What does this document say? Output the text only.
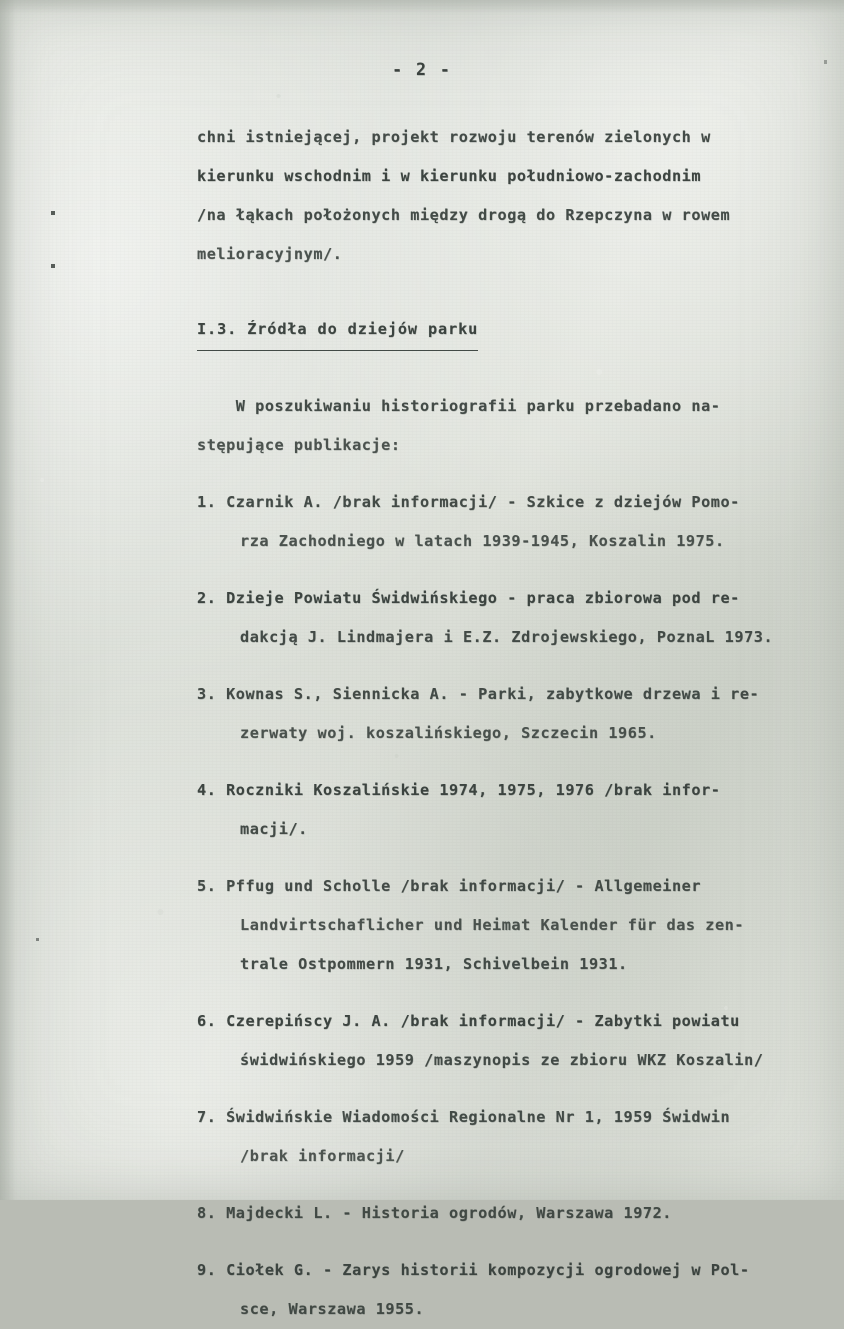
- 2 -
chni istniejącej, projekt rozwoju terenów zielonych w
kierunku wschodnim i w kierunku południowo-zachodnim
/na łąkach położonych między drogą do Rzepczyna w rowem
melioracyjnym/.
I.3. Źródła do dziejów parku
W poszukiwaniu historiografii parku przebadano na-
stępujące publikacje:
1. Czarnik A. /brak informacji/ - Szkice z dziejów Pomo-
rza Zachodniego w latach 1939-1945, Koszalin 1975.
2. Dzieje Powiatu Świdwińskiego - praca zbiorowa pod re-
dakcją J. Lindmajera i E.Z. Zdrojewskiego, PoznaL 1973.
3. Kownas S., Siennicka A. - Parki, zabytkowe drzewa i re-
zerwaty woj. koszalińskiego, Szczecin 1965.
4. Roczniki Koszalińskie 1974, 1975, 1976 /brak infor-
macji/.
5. Pffug und Scholle /brak informacji/ - Allgemeiner
Landvirtschaflicher und Heimat Kalender für das zen-
trale Ostpommern 1931, Schivelbein 1931.
6. Czerepińscy J. A. /brak informacji/ - Zabytki powiatu
świdwińskiego 1959 /maszynopis ze zbioru WKZ Koszalin/
7. Świdwińskie Wiadomości Regionalne Nr 1, 1959 Świdwin
/brak informacji/
8. Majdecki L. - Historia ogrodów, Warszawa 1972.
9. Ciołek G. - Zarys historii kompozycji ogrodowej w Pol-
sce, Warszawa 1955.
